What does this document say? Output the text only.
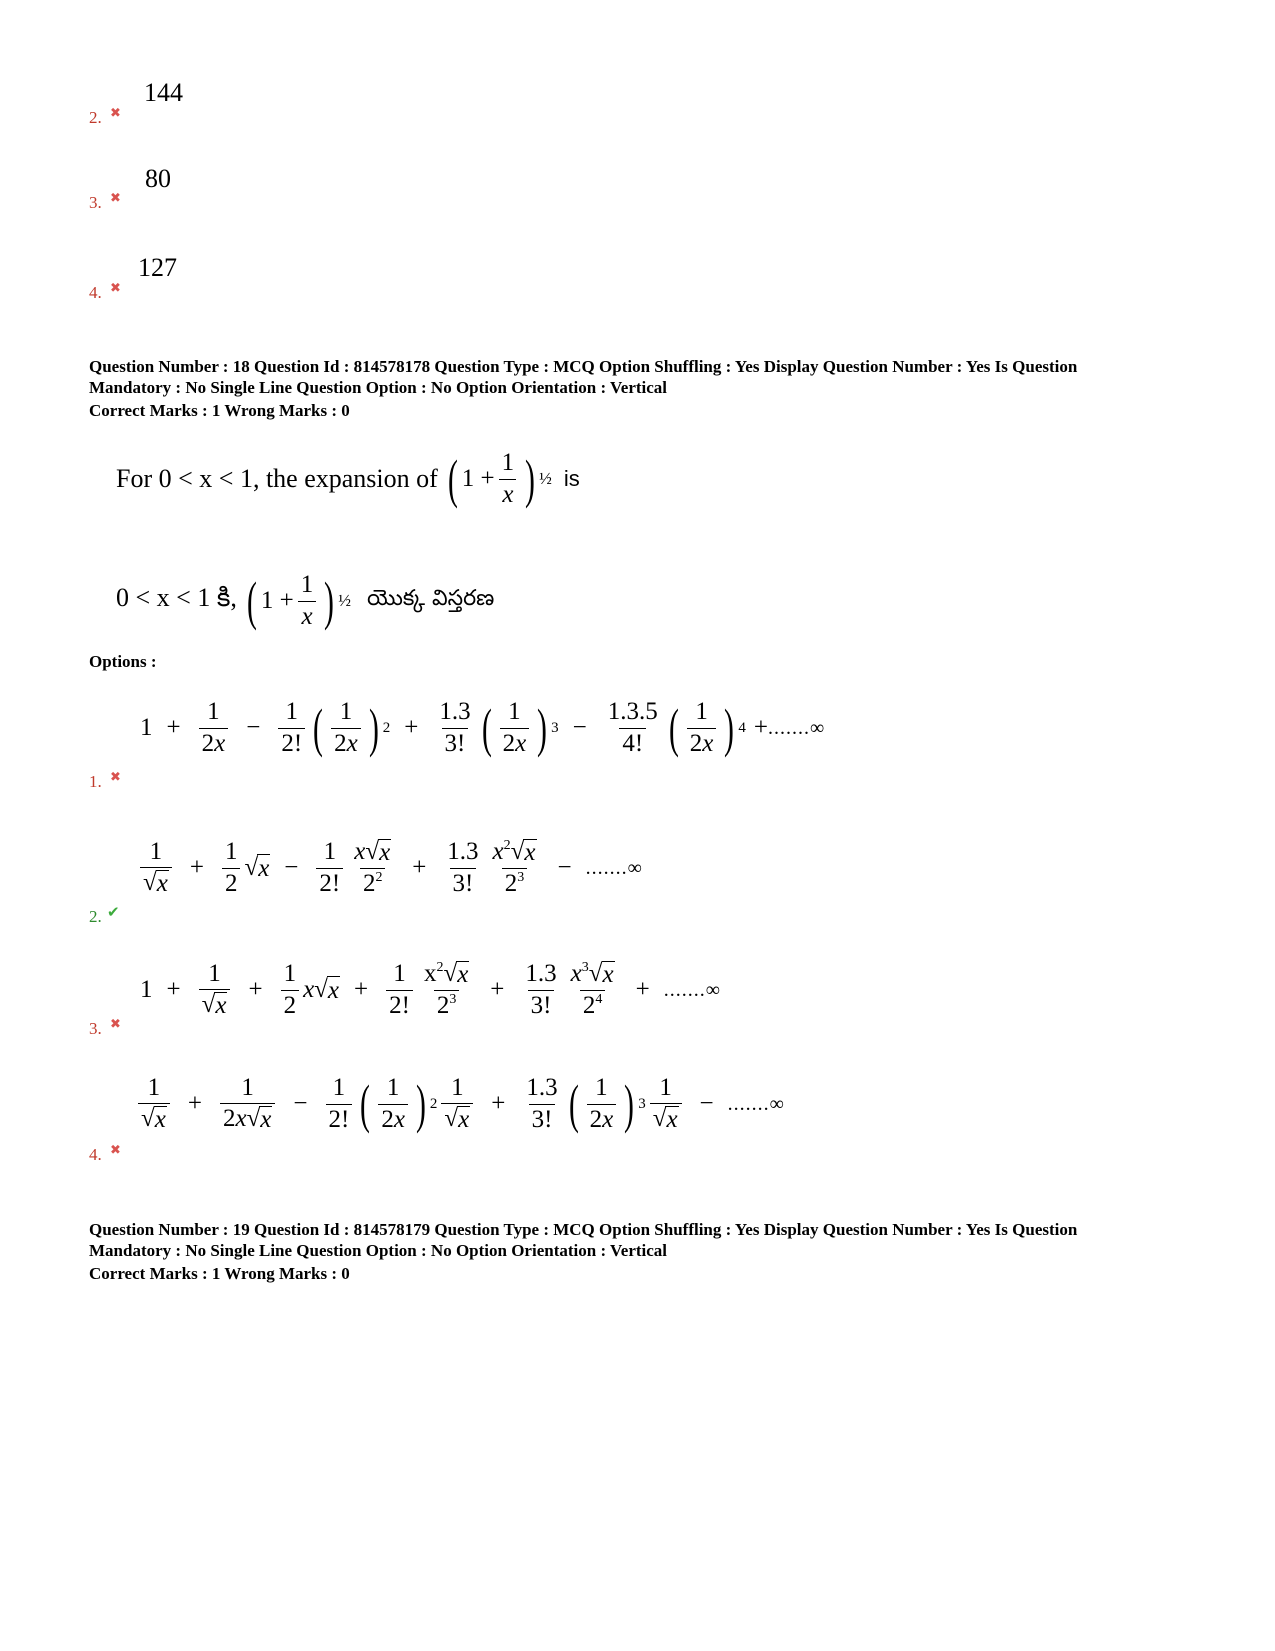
144
2. ✖
80
3. ✖
127
4. ✖
Question Number : 18 Question Id : 814578178 Question Type : MCQ Option Shuffling : Yes Display Question Number : Yes Is Question
Mandatory : No Single Line Question Option : No Option Orientation : Vertical
Correct Marks : 1 Wrong Marks : 0
For 0 < x < 1, the expansion of ( 1 +
1
x ) ½ is
0 < x < 1 కి, ( 1 +
1
x ) ½ యొక్క విస్తరణ
Options :
$1 + \frac{1}{2x} - \frac{1}{2!}$ ( 1
2x ) $2 + \frac{1.3}{3!}$ ( 1
2x ) $3 - \frac{1.3.5}{4!}$ ( 1
2x ) 4 + .......∞
1. ✖
1
√ x
+ $\frac{1}{2}$ √ $x - \frac{1}{2!}$ x √ x
$2^2 + \frac{1.3}{3!} x^2$ √ x
$2^3$ − .......∞
2. ✔
$1 + \frac{1}{√ x} + \frac{1}{2}$ x √ $x + \frac{1}{2!} x^2$ √ x
$2^3 + \frac{1.3}{3!} x^3$ √ x
$2^4$ + .......∞
3. ✖
1
√ x
+ $\frac{1}{2x √ x} - \frac{1}{2!}$ ( 1
2x ) 2
1
√ x
+ $\frac{1.3}{3!}$ ( 1
2x ) 3
1
√ x
− .......∞
4. ✖
Question Number : 19 Question Id : 814578179 Question Type : MCQ Option Shuffling : Yes Display Question Number : Yes Is Question
Mandatory : No Single Line Question Option : No Option Orientation : Vertical
Correct Marks : 1 Wrong Marks : 0
